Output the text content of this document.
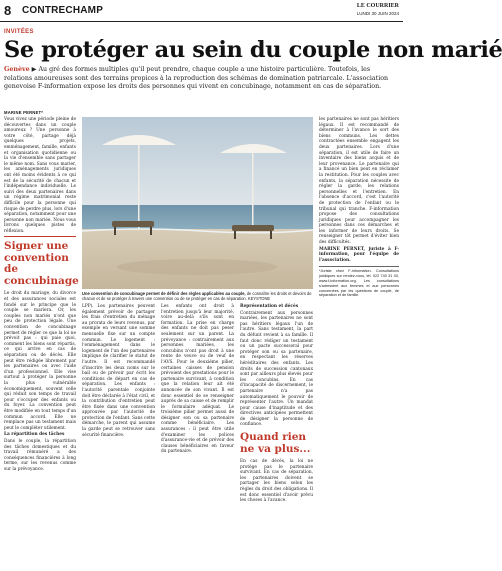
8 CONTRECHAMP	LE COURRIER
LUNDI 30 JUIN 2024
INVITÉES
Se protéger au sein du couple non marié

Genève ▶ Au gré des formes multiples qu'il peut prendre, chaque couple a une histoire particulière. Toutefois, les relations amoureuses sont des terrains propices à la reproduction des schémas de domination patriarcale. L'association genevoise F-information expose les droits des personnes qui vivent en concubinage, notamment en cas de séparation.

MARINE PERNET*

Vous vivez une période pleine de découvertes dans un couple amoureux ? Une personne à votre côté, partage déjà quelques projets, emménagement, famille, enfants et organisation quotidienne ou la vie d'ensemble sans partager le même nom. Sans vous marier, les aménagements juridiques ont été moins évidents à ce qui est de la sécurité de chacun et l'indépendance individuelle. Le suivi des deux partenaires dans un régime matrimonial reste difficile pour la personne qui risque de perdre plus, lors d'une séparation, notamment pour une personne non mariée. Nous vous livrons quelques pistes de réflexion.

Signer une convention de concubinage

Le droit du mariage, du divorce et des assurances sociales est fondé sur le principe que le couple se mariera. Or, les couples non mariés n'ont que peu de protection légale. Une convention de concubinage permet de régler ce que la loi ne prévoit pas : qui paie quoi, comment les biens sont répartis, ce qui arrive en cas de séparation ou de décès. Elle peut être rédigée librement par les partenaires ou avec l'aide d'un professionnel. Elle vise surtout à protéger la personne la plus vulnérable économiquement, souvent celle qui réduit son temps de travail pour s'occuper des enfants ou du foyer. La convention peut être modifiée en tout temps d'un commun accord. Elle ne remplace pas un testament mais peut le compléter utilement.

La répartition des tâches

Dans le couple, la répartition des tâches domestiques et du travail rémunéré a des conséquences financières à long terme, sur les revenus comme sur la prévoyance.

Une convention de concubinage permet de définir des règles applicables au couple, de connaître les droits et devoirs de chacun et de se protéger à travers une convention ou de se protéger en cas de séparation. KEYSTONE

LPP). Les partenaires peuvent également prévoir de partager les frais d'entretien du ménage au prorata de leurs revenus, par exemple en versant une somme mensuelle fixe sur un compte commun. Le logement : l'emménagement dans le logement de l'un des partenaires implique de clarifier le statut de l'autre. Il est recommandé d'inscrire les deux noms sur le bail ou de prévoir par écrit les conditions de départ en cas de séparation. Les enfants : l'autorité parentale conjointe doit être déclarée à l'état civil, et la contribution d'entretien peut être fixée dans une convention approuvée par l'autorité de protection de l'enfant. Sans cette démarche, le parent qui assume la garde peut se retrouver sans sécurité financière.

Les enfants ont droit à l'entretien jusqu'à leur majorité, voire au-delà s'ils sont en formation. La prise en charge des enfants ne doit pas peser seulement sur un parent. La prévoyance : contrairement aux personnes mariées, les concubins n'ont pas droit à une rente de veuve ou de veuf de l'AVS. Pour le deuxième pilier, certaines caisses de pension prévoient des prestations pour le partenaire survivant, à condition que la relation leur ait été annoncée de son vivant. Il est donc essentiel de se renseigner auprès de sa caisse et de remplir le formulaire adéquat. Le troisième pilier permet aussi de désigner son ou sa partenaire comme bénéficiaire. Les assurances : il peut être utile d'examiner les polices d'assurance-vie et de prévoir des clauses bénéficiaires en faveur du partenaire.

Représentation et décès

Contrairement aux personnes mariées, les partenaires ne sont pas héritiers légaux l'un de l'autre. Sans testament, la part du défunt revient à sa famille. Il faut donc rédiger un testament ou un pacte successoral pour protéger son ou sa partenaire, en respectant les réserves héréditaires des enfants. Les droits de succession cantonaux sont par ailleurs plus élevés pour les concubins. En cas d'incapacité de discernement, le partenaire n'a pas automatiquement le pouvoir de représenter l'autre. Un mandat pour cause d'inaptitude et des directives anticipées permettent de désigner la personne de confiance.

Quand rien ne va plus...

En cas de décès, la loi ne protège pas le partenaire survivant. En cas de séparation, les partenaires doivent se partager les biens selon les règles du droit des obligations. Il est donc essentiel d'avoir prévu les choses à l'avance.

les partenaires ne sont pas héritiers légaux. Il est recommandé de déterminer à l'avance le sort des biens communs. Les dettes contractées ensemble engagent les deux partenaires. Lors d'une séparation, il est utile de faire un inventaire des biens acquis et de leur provenance. Le partenaire qui a financé un bien peut en réclamer la restitution. Pour les couples avec enfants, la séparation nécessite de régler la garde, les relations personnelles et l'entretien. En l'absence d'accord, c'est l'autorité de protection de l'enfant ou le tribunal qui tranche. F-information propose des consultations juridiques pour accompagner les personnes dans ces démarches et les informer de leurs droits. Se renseigner tôt permet d'éviter bien des difficultés.

MARINE PERNET, juriste à F-information, pour l'équipe de l'association.

*Juriste chez F-information. Consultations juridiques sur rendez-vous, tél. 022 740 31 00, www.f-information.org. Les consultations s'adressent aux femmes et aux personnes concernées par les questions de couple, de séparation et de famille.
